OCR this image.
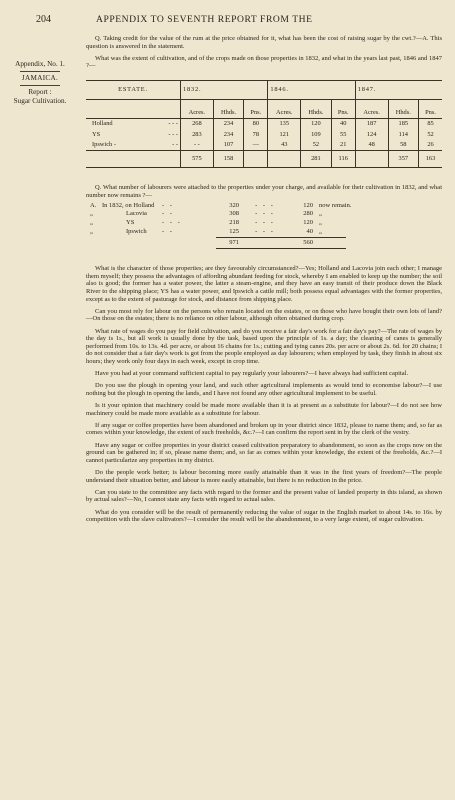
204	APPENDIX TO SEVENTH REPORT FROM THE
Appendix, No. 1.
JAMAICA.
Report :
Sugar Cultivation.

Q. Taking credit for the value of the rum at the price obtained for it, what has been the cost of raising sugar by the cwt.?—A. This question is answered in the statement.

What was the extent of cultivation, and of the crops made on those properties in 1832, and what in the years last past, 1846 and 1847 ?—

ESTATE.	1832.			1846.			1847.		
	Acres.	Hhds.	Pns.	Acres.	Hhds.	Pns.	Acres.	Hhds.	Pns.
Holland - - -	268	234	80	135	120	40	187	185	85
YS - - -	283	234	78	121	109	55	124	114	52
Ipswich - - -	- -	107	—	43	52	21	48	58	26
	575	158			281	116		357	163

Q. What number of labourers were attached to the properties under your charge, and available for their cultivation in 1832, and what number now remains ?—

A. In 1832, on Holland	- -	320	- - -	120 now remain.
„	Lacovia	- -	308	- - -	280 „
„	YS	- - -	218	- - -	120 „
„	Ipswich	- -	125	- - -	40 „
971	560

What is the character of those properties; are they favourably circumstanced?—Yes; Holland and Lacovia join each other; I manage them myself; they possess the advantages of affording abundant feeding for stock, whereby I am enabled to keep up the number; the soil also is good; the former has a water power, the latter a steam-engine, and they have an easy transit of their produce down the Black River to the shipping place; YS has a water power, and Ipswich a cattle mill; both possess equal advantages with the former properties, except as to the extent of pasturage for stock, and distance from shipping place.

Can you most rely for labour on the persons who remain located on the estates, or on those who have bought their own lots of land?—On those on the estates; there is no reliance on other labour, although often obtained during crop.

What rate of wages do you pay for field cultivation, and do you receive a fair day's work for a fair day's pay?—The rate of wages by the day is 1s., but all work is usually done by the task, based upon the principle of 1s. a day; the cleaning of canes is generally performed from 10s. to 13s. 4d. per acre, or about 16 chains for 1s.; cutting and tying canes 20s. per acre or about 2s. 6d. for 20 chains; I do not consider that a fair day's work is got from the people employed as day labourers; when employed by task, they finish in about six hours; they work only four days in each week, except in crop time.

Have you had at your command sufficient capital to pay regularly your labourers?—I have always had sufficient capital.

Do you use the plough in opening your land, and such other agricultural implements as would tend to economise labour?—I use nothing but the plough in opening the lands, and I have not found any other agricultural implement to be useful.

Is it your opinion that machinery could be made more available than it is at present as a substitute for labour?—I do not see how machinery could be made more available as a substitute for labour.

If any sugar or coffee properties have been abandoned and broken up in your district since 1832, please to name them; and, so far as comes within your knowledge, the extent of such freeholds, &c.?—I can confirm the report sent in by the clerk of the vestry.

Have any sugar or coffee properties in your district ceased cultivation preparatory to abandonment, so soon as the crops now on the ground can be gathered in; if so, please name them; and, so far as comes within your knowledge, the extent of the freeholds, &c.?—I cannot particularize any properties in my district.

Do the people work better; is labour becoming more easily attainable than it was in the first years of freedom?—The people understand their situation better, and labour is more easily attainable, but there is no reduction in the price.

Can you state to the committee any facts with regard to the former and the present value of landed property in this island, as shown by actual sales?—No, I cannot state any facts with regard to actual sales.

What do you consider will be the result of permanently reducing the value of sugar in the English market to about 14s. to 16s. by competition with the slave cultivators?—I consider the result will be the abandonment, to a very large extent, of sugar cultivation.
